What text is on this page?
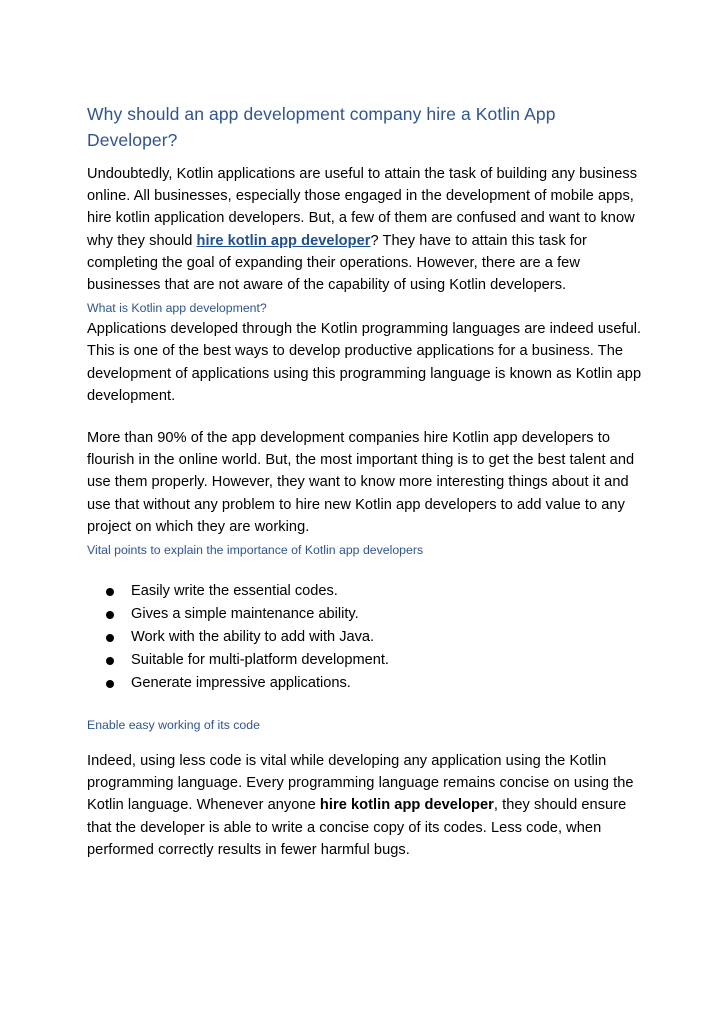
Why should an app development company hire a Kotlin App Developer?

Undoubtedly, Kotlin applications are useful to attain the task of building any business online. All businesses, especially those engaged in the development of mobile apps, hire kotlin application developers. But, a few of them are confused and want to know why they should hire kotlin app developer? They have to attain this task for completing the goal of expanding their operations. However, there are a few businesses that are not aware of the capability of using Kotlin developers.

What is Kotlin app development?

Applications developed through the Kotlin programming languages are indeed useful. This is one of the best ways to develop productive applications for a business. The development of applications using this programming language is known as Kotlin app development.

More than 90% of the app development companies hire Kotlin app developers to flourish in the online world. But, the most important thing is to get the best talent and use them properly. However, they want to know more interesting things about it and use that without any problem to hire new Kotlin app developers to add value to any project on which they are working.

Vital points to explain the importance of Kotlin app developers
Easily write the essential codes.
Gives a simple maintenance ability.
Work with the ability to add with Java.
Suitable for multi-platform development.
Generate impressive applications.
Enable easy working of its code

Indeed, using less code is vital while developing any application using the Kotlin programming language. Every programming language remains concise on using the Kotlin language. Whenever anyone hire kotlin app developer, they should ensure that the developer is able to write a concise copy of its codes. Less code, when performed correctly results in fewer harmful bugs.
